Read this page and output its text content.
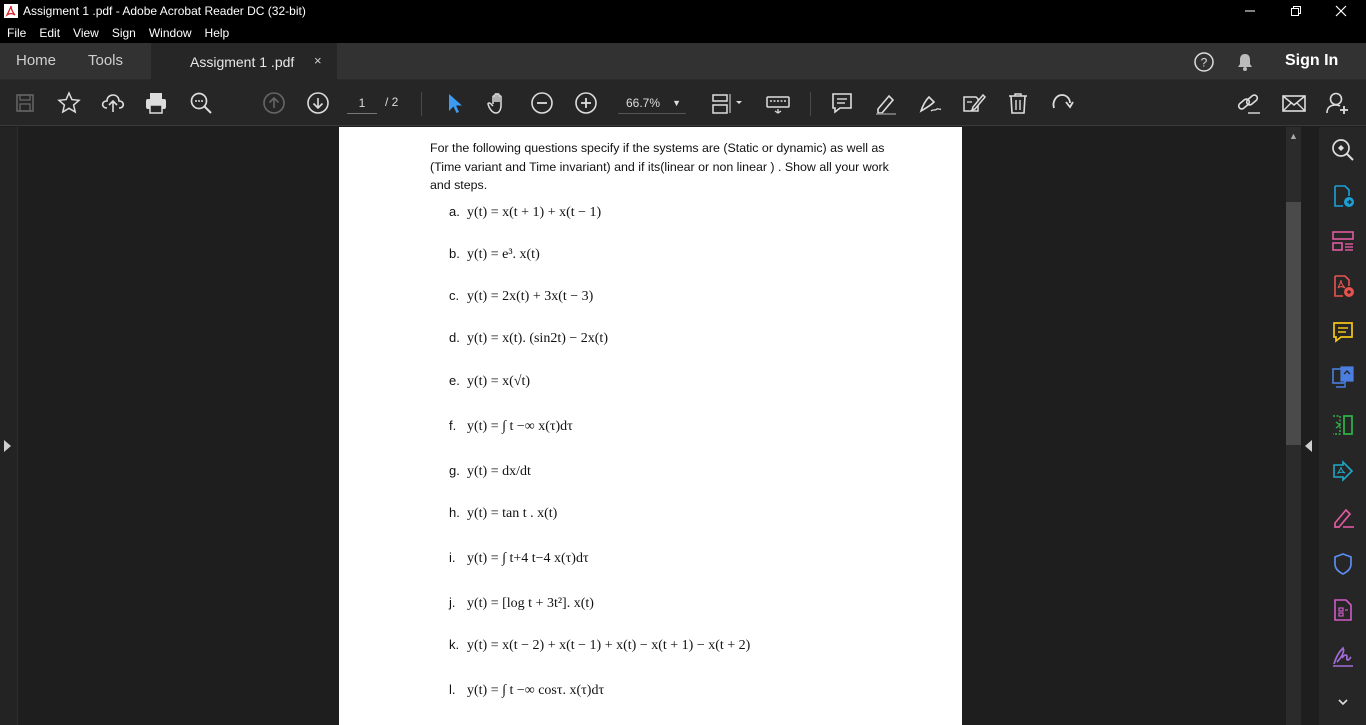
Assigment 1 .pdf - Adobe Acrobat Reader DC (32-bit)
File	Edit	View	Sign	Window	Help
Home Tools	Assigment 1 .pdf ×	?	Sign In
1	/ 2	66.7% ▼
For the following questions specify if the systems are (Static or dynamic) as well as (Time variant and Time invariant) and if its(linear or non linear ) . Show all your work and steps.
a. y(t) = x(t + 1) + x(t − 1)
b. y(t) = e³. x(t)
c. y(t) = 2x(t) + 3x(t − 3)
d. y(t) = x(t). (sin2t) − 2x(t)
e. y(t) = x(√t)
f. y(t) = ∫ t −∞ x(τ)dτ
g. y(t) = dx/dt
h. y(t) = tan t . x(t)
i. y(t) = ∫ t+4 t−4 x(τ)dτ
j. y(t) = [log t + 3t²]. x(t)
k. y(t) = x(t − 2) + x(t − 1) + x(t) − x(t + 1) − x(t + 2)
l. y(t) = ∫ t −∞ cosτ. x(τ)dτ
▲
